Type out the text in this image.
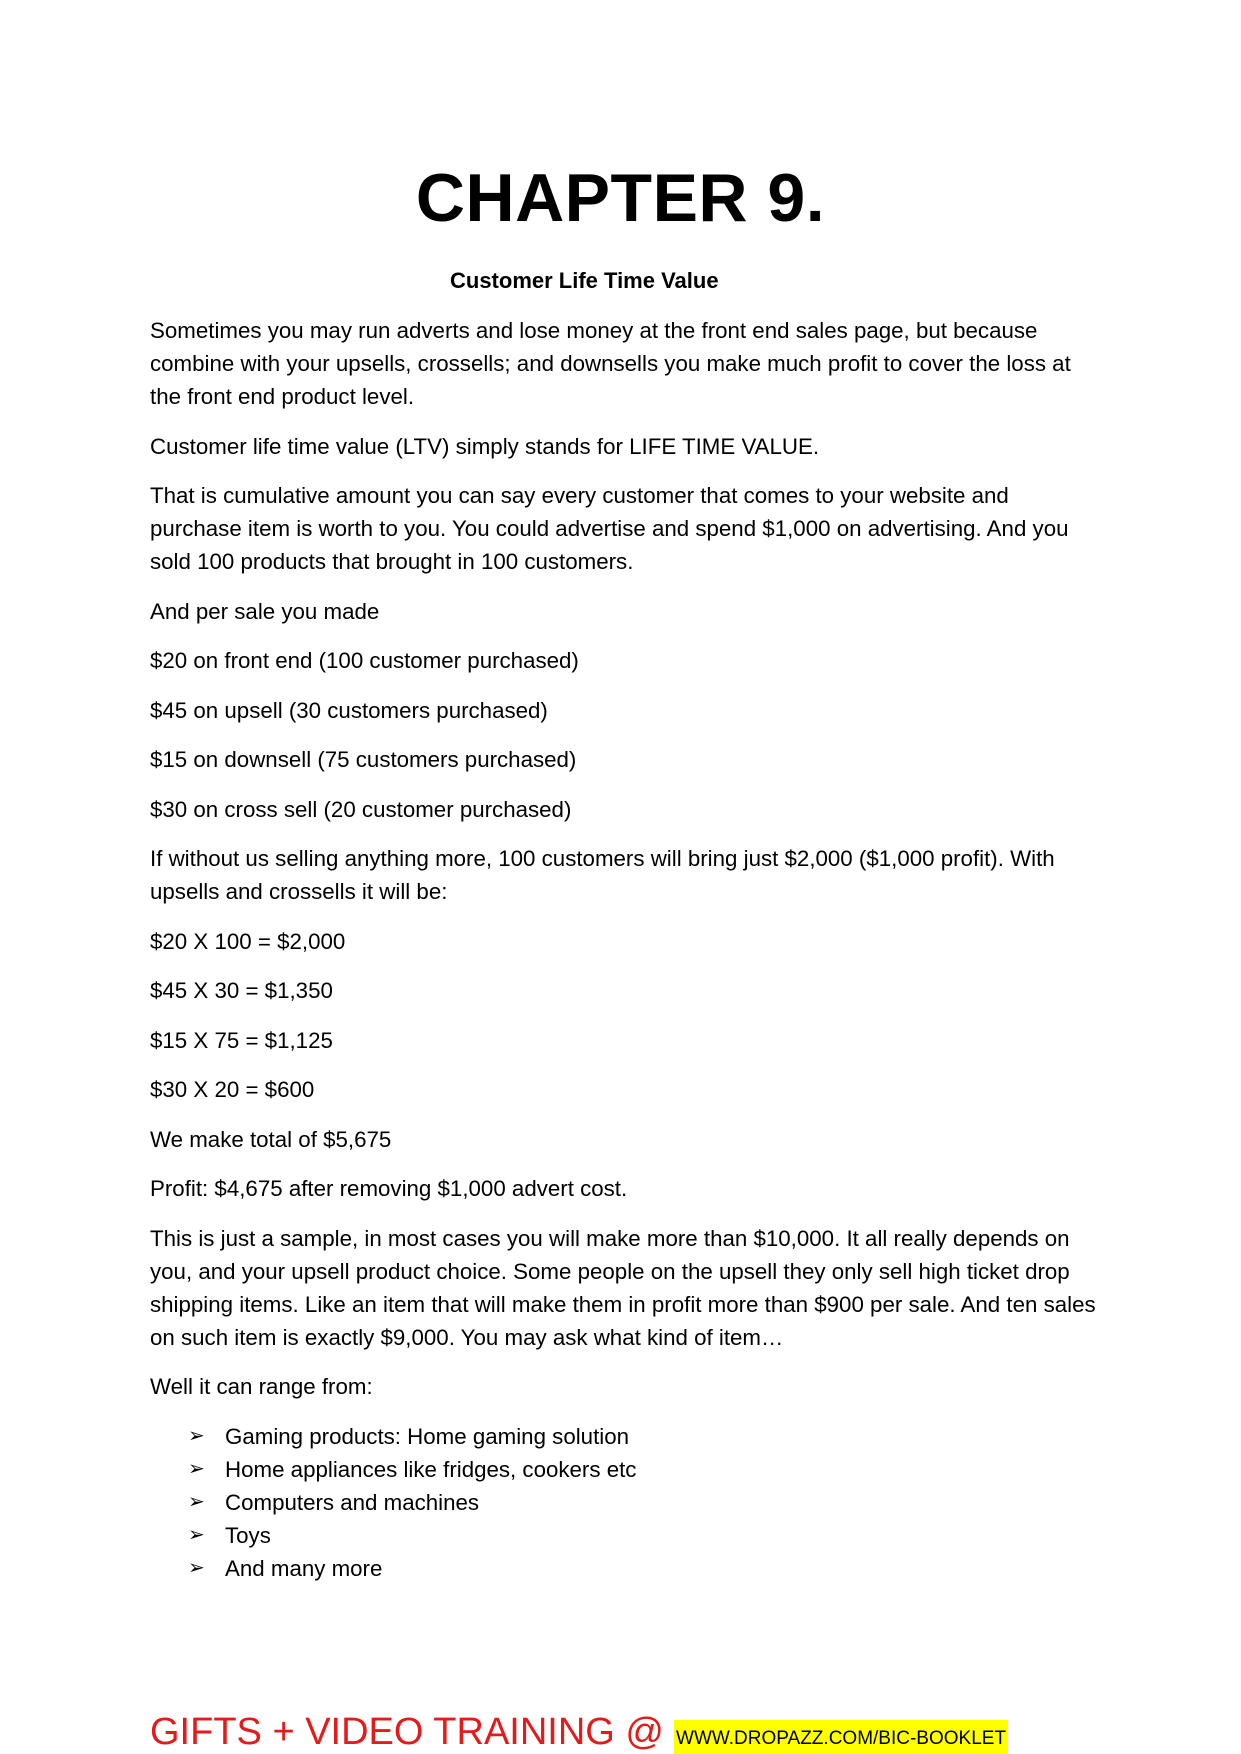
CHAPTER 9.
Customer Life Time Value

Sometimes you may run adverts and lose money at the front end sales page, but because combine with your upsells, crossells; and downsells you make much profit to cover the loss at the front end product level.

Customer life time value (LTV) simply stands for LIFE TIME VALUE.

That is cumulative amount you can say every customer that comes to your website and purchase item is worth to you. You could advertise and spend $1,000 on advertising. And you sold 100 products that brought in 100 customers.

And per sale you made

$20 on front end (100 customer purchased)

$45 on upsell (30 customers purchased)

$15 on downsell (75 customers purchased)

$30 on cross sell (20 customer purchased)

If without us selling anything more, 100 customers will bring just $2,000 ($1,000 profit). With upsells and crossells it will be:

$20 X 100 = $2,000

$45 X 30 = $1,350

$15 X 75 = $1,125

$30 X 20 = $600

We make total of $5,675

Profit: $4,675 after removing $1,000 advert cost.

This is just a sample, in most cases you will make more than $10,000. It all really depends on you, and your upsell product choice. Some people on the upsell they only sell high ticket drop shipping items. Like an item that will make them in profit more than $900 per sale. And ten sales on such item is exactly $9,000. You may ask what kind of item…

Well it can range from:

➢ Gaming products: Home gaming solution
➢ Home appliances like fridges, cookers etc
➢ Computers and machines
➢ Toys
➢ And many more
GIFTS + VIDEO TRAINING @ WWW.DROPAZZ.COM/BIC-BOOKLET
